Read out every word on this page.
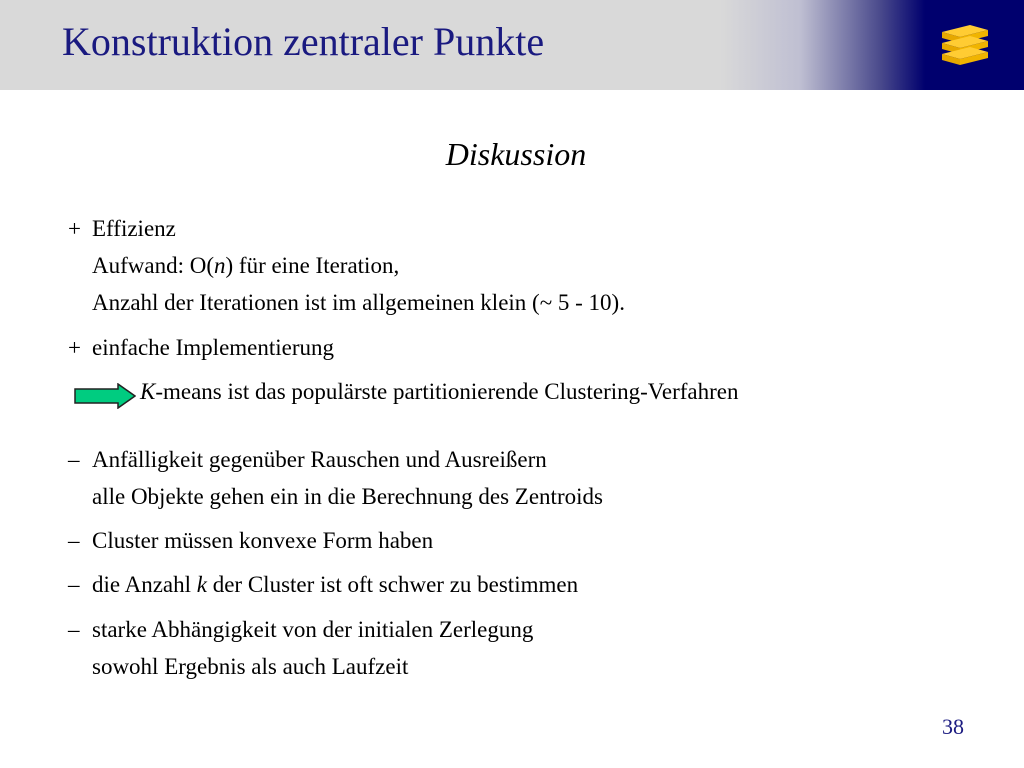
Konstruktion zentraler Punkte
Diskussion
+ Effizienz
Aufwand: O(n) für eine Iteration,
Anzahl der Iterationen ist im allgemeinen klein (~ 5 - 10).
+ einfache Implementierung
K-means ist das populärste partitionierende Clustering-Verfahren
– Anfälligkeit gegenüber Rauschen und Ausreißern
alle Objekte gehen ein in die Berechnung des Zentroids
– Cluster müssen konvexe Form haben
– die Anzahl k der Cluster ist oft schwer zu bestimmen
– starke Abhängigkeit von der initialen Zerlegung
sowohl Ergebnis als auch Laufzeit
38
